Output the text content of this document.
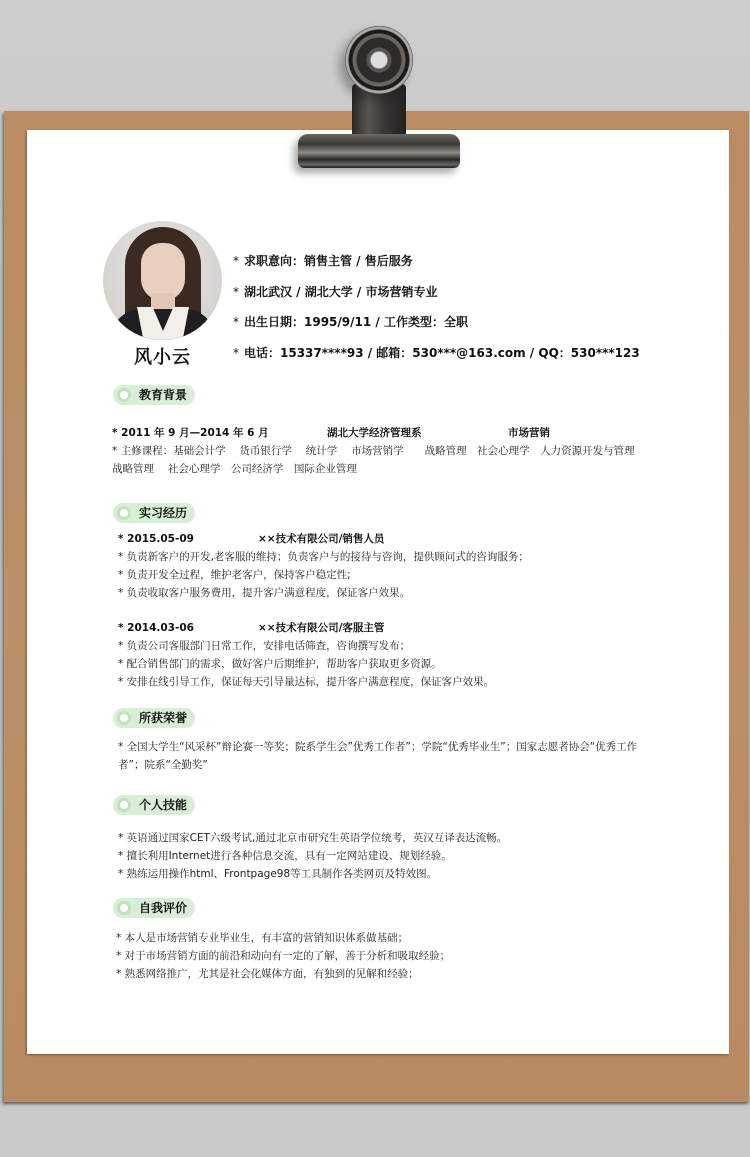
风小云
* 求职意向：销售主管 / 售后服务
* 湖北武汉 / 湖北大学 / 市场营销专业
* 出生日期：1995/9/11 / 工作类型：全职
* 电话：15337****93 / 邮箱：530***@163.com / QQ：530***123
教育背景
* 2011 年 9 月—2014 年 6 月	湖北大学经济管理系	市场营销
* 主修课程：基础会计学　 货币银行学　 统计学　 市场营销学　　战略管理　社会心理学　人力资源开发与管理
战略管理　 社会心理学　公司经济学　国际企业管理
实习经历
* 2015.05-09	××技术有限公司/销售人员
* 负责新客户的开发,老客服的维持；负责客户与的接待与咨询，提供顾问式的咨询服务；
* 负责开发全过程，维护老客户，保持客户稳定性;
* 负责收取客户服务费用，提升客户满意程度，保证客户效果。
* 2014.03-06	××技术有限公司/客服主管
* 负责公司客服部门日常工作，安排电话筛查，咨询撰写发布；
* 配合销售部门的需求，做好客户后期维护，帮助客户获取更多资源。
* 安排在线引导工作，保证每天引导量达标，提升客户满意程度，保证客户效果。
所获荣誉
* 全国大学生“风采杯”辩论赛一等奖；院系学生会”优秀工作者”；学院“优秀毕业生”；国家志愿者协会“优秀工作者”；院系“全勤奖”
个人技能
* 英语通过国家CET六级考试,通过北京市研究生英语学位统考，英汉互译表达流畅。
* 擅长利用Internet进行各种信息交流，具有一定网站建设、规划经验。
* 熟练运用操作html、Frontpage98等工具制作各类网页及特效图。
自我评价
* 本人是市场营销专业毕业生，有丰富的营销知识体系做基础；
* 对于市场营销方面的前沿和动向有一定的了解，善于分析和吸取经验；
* 熟悉网络推广，尤其是社会化媒体方面，有独到的见解和经验；
